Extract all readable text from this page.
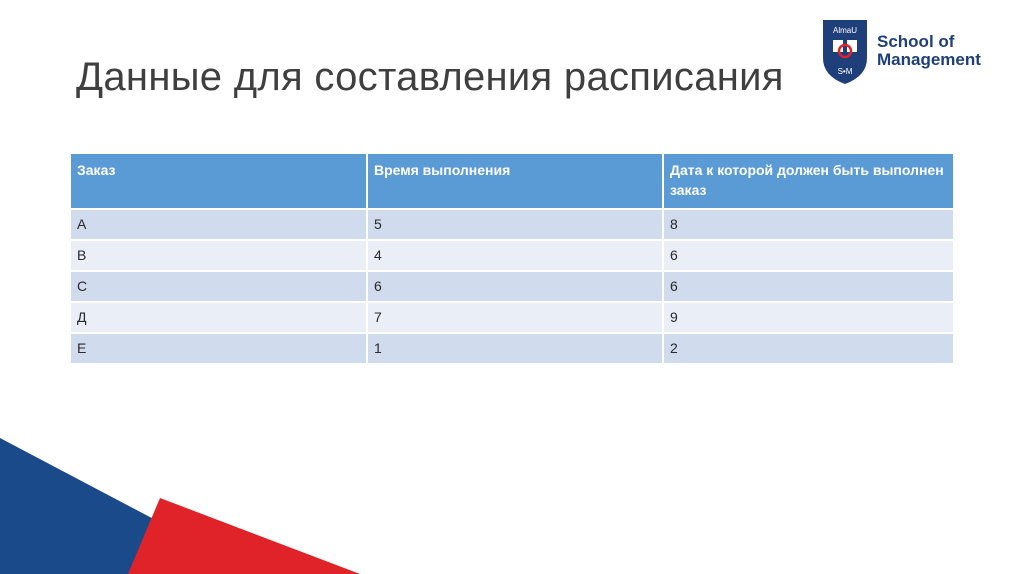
Данные для составления расписания
AlmaU
S•M
School of
Management
Заказ	Время выполнения	Дата к которой должен быть выполнен заказ
A	5	8
B	4	6
C	6	6
Д	7	9
E	1	2
